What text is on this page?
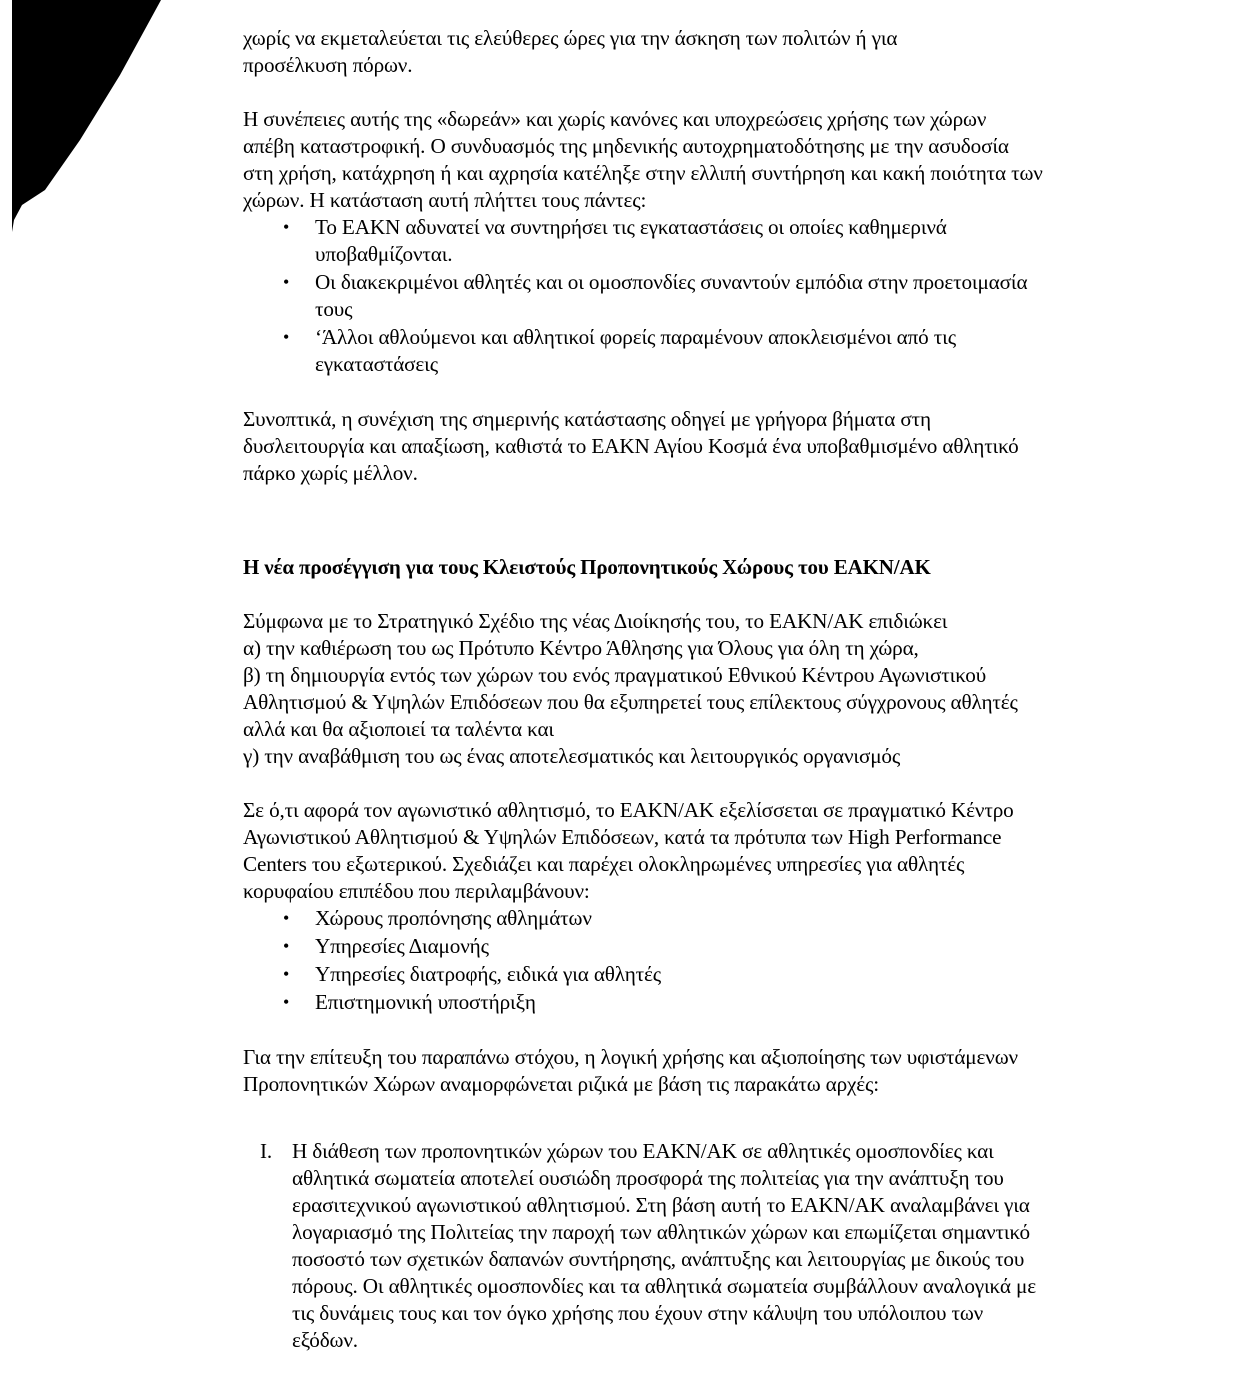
χωρίς να εκμεταλεύεται τις ελεύθερες ώρες για την άσκηση των πολιτών ή για προσέλκυση πόρων.

Η συνέπειες αυτής της «δωρεάν» και χωρίς κανόνες και υποχρεώσεις χρήσης των χώρων απέβη καταστροφική. Ο συνδυασμός της μηδενικής αυτοχρηματοδότησης με την ασυδοσία στη χρήση, κατάχρηση ή και αχρησία κατέληξε στην ελλιπή συντήρηση και κακή ποιότητα των χώρων. Η κατάσταση αυτή πλήττει τους πάντες:

• Το ΕΑΚΝ αδυνατεί να συντηρήσει τις εγκαταστάσεις οι οποίες καθημερινά υποβαθμίζονται.
• Οι διακεκριμένοι αθλητές και οι ομοσπονδίες συναντούν εμπόδια στην προετοιμασία τους
• ‘Άλλοι αθλούμενοι και αθλητικοί φορείς παραμένουν αποκλεισμένοι από τις εγκαταστάσεις

Συνοπτικά, η συνέχιση της σημερινής κατάστασης οδηγεί με γρήγορα βήματα στη δυσλειτουργία και απαξίωση, καθιστά το ΕΑΚΝ Αγίου Κοσμά ένα υποβαθμισμένο αθλητικό πάρκο χωρίς μέλλον.

Η νέα προσέγγιση για τους Κλειστούς Προπονητικούς Χώρους του ΕΑΚΝ/ΑΚ

Σύμφωνα με το Στρατηγικό Σχέδιο της νέας Διοίκησής του, το ΕΑΚΝ/ΑΚ επιδιώκει

α) την καθιέρωση του ως Πρότυπο Κέντρο Άθλησης για Όλους για όλη τη χώρα,

β) τη δημιουργία εντός των χώρων του ενός πραγματικού Εθνικού Κέντρου Αγωνιστικού Αθλητισμού & Υψηλών Επιδόσεων που θα εξυπηρετεί τους επίλεκτους σύγχρονους αθλητές αλλά και θα αξιοποιεί τα ταλέντα και

γ) την αναβάθμιση του ως ένας αποτελεσματικός και λειτουργικός οργανισμός

Σε ό,τι αφορά τον αγωνιστικό αθλητισμό, το ΕΑΚΝ/ΑΚ εξελίσσεται σε πραγματικό Κέντρο Αγωνιστικού Αθλητισμού & Υψηλών Επιδόσεων, κατά τα πρότυπα των High Performance Centers του εξωτερικού. Σχεδιάζει και παρέχει ολοκληρωμένες υπηρεσίες για αθλητές κορυφαίου επιπέδου που περιλαμβάνουν:

• Χώρους προπόνησης αθλημάτων
• Υπηρεσίες Διαμονής
• Υπηρεσίες διατροφής, ειδικά για αθλητές
• Επιστημονική υποστήριξη

Για την επίτευξη του παραπάνω στόχου, η λογική χρήσης και αξιοποίησης των υφιστάμενων Προπονητικών Χώρων αναμορφώνεται ριζικά με βάση τις παρακάτω αρχές:

I. Η διάθεση των προπονητικών χώρων του ΕΑΚΝ/ΑΚ σε αθλητικές ομοσπονδίες και αθλητικά σωματεία αποτελεί ουσιώδη προσφορά της πολιτείας για την ανάπτυξη του ερασιτεχνικού αγωνιστικού αθλητισμού. Στη βάση αυτή το ΕΑΚΝ/ΑΚ αναλαμβάνει για λογαριασμό της Πολιτείας την παροχή των αθλητικών χώρων και επωμίζεται σημαντικό ποσοστό των σχετικών δαπανών συντήρησης, ανάπτυξης και λειτουργίας με δικούς του πόρους. Οι αθλητικές ομοσπονδίες και τα αθλητικά σωματεία συμβάλλουν αναλογικά με τις δυνάμεις τους και τον όγκο χρήσης που έχουν στην κάλυψη του υπόλοιπου των εξόδων.
